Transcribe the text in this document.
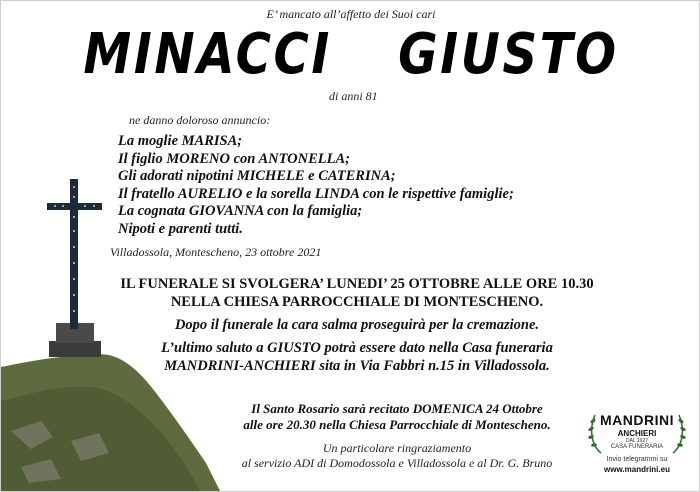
E’ mancato all’affetto dei Suoi cari
MINACCI  GIUSTO
di anni 81
ne danno doloroso annuncio:
La moglie MARISA;
Il figlio MORENO con ANTONELLA;
Gli adorati nipotini MICHELE e CATERINA;
Il fratello AURELIO e la sorella LINDA con le rispettive famiglie;
La cognata GIOVANNA con la famiglia;
Nipoti e parenti tutti.
Villadossola, Montescheno, 23 ottobre 2021
IL FUNERALE SI SVOLGERA’ LUNEDI’ 25 OTTOBRE ALLE ORE 10.30
NELLA CHIESA PARROCCHIALE DI MONTESCHENO.
Dopo il funerale la cara salma proseguirà per la cremazione.
L’ultimo saluto a GIUSTO potrà essere dato nella Casa funeraria
MANDRINI-ANCHIERI sita in Via Fabbri n.15 in Villadossola.
Il Santo Rosario sarà recitato DOMENICA 24 Ottobre
alle ore 20.30 nella Chiesa Parrocchiale di Montescheno.
Un particolare ringraziamento
al servizio ADI di Domodossola e Villadossola e al Dr. G. Bruno
MANDRINI
ANCHIERI
DAL 1927
CASA FUNERARIA
Invio telegrammi su
www.mandrini.eu
